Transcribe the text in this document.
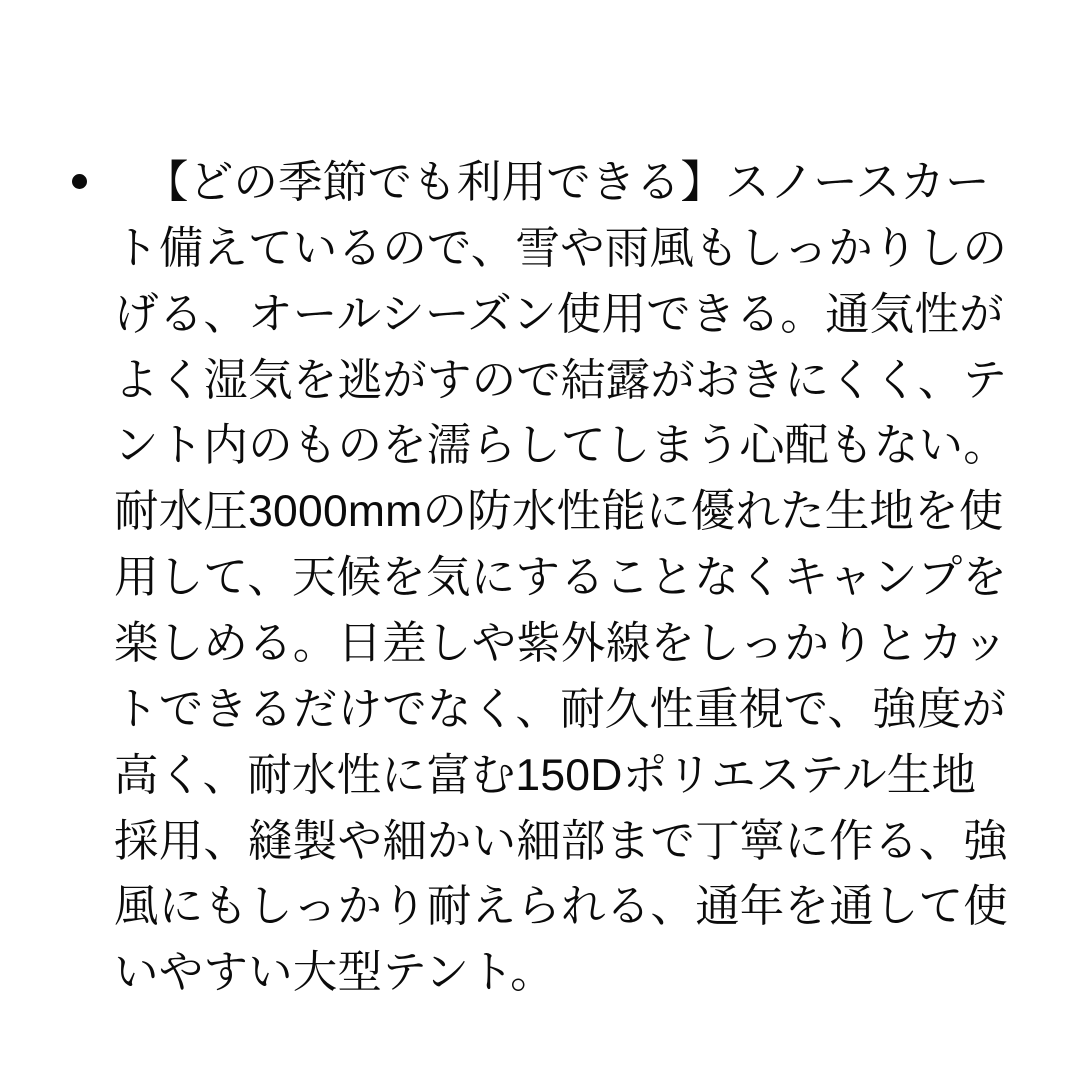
【どの季節でも利用できる】スノースカート備えているので、雪や雨風もしっかりしのげる、オールシーズン使用できる。通気性がよく湿気を逃がすので結露がおきにくく、テント内のものを濡らしてしまう心配もない。耐水圧3000mmの防水性能に優れた生地を使用して、天候を気にすることなくキャンプを楽しめる。日差しや紫外線をしっかりとカットできるだけでなく、耐久性重視で、強度が高く、耐水性に富む150Dポリエステル生地採用、縫製や細かい細部まで丁寧に作る、強風にもしっかり耐えられる、通年を通して使いやすい大型テント。
